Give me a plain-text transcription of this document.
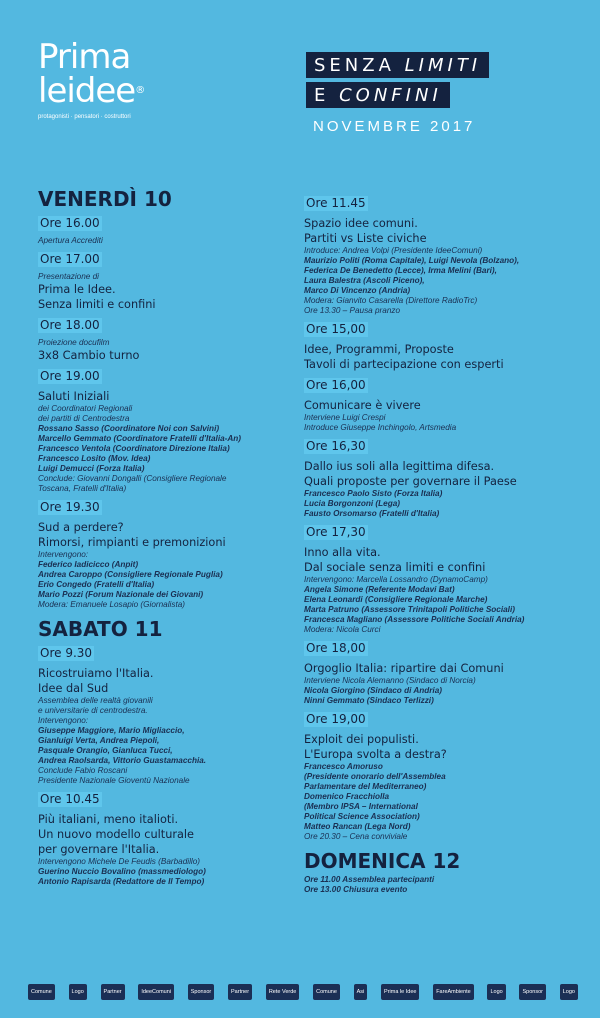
Prima
leidee®
protagonisti · pensatori · costruttori
SENZA LIMITI
E CONFINI
NOVEMBRE 2017
VENERDÌ 10
Ore 16.00
Apertura Accrediti
Ore 17.00
Presentazione di
Prima le Idee.
Senza limiti e confini
Ore 18.00
Proiezione docufilm
3x8 Cambio turno
Ore 19.00
Saluti Iniziali
dei Coordinatori Regionali
dei partiti di Centrodestra
Rossano Sasso (Coordinatore Noi con Salvini)
Marcello Gemmato (Coordinatore Fratelli d'Italia-An)
Francesco Ventola (Coordinatore Direzione Italia)
Francesco Losito (Mov. Idea)
Luigi Demucci (Forza Italia)
Conclude: Giovanni Dongalli (Consigliere Regionale
Toscana, Fratelli d'Italia)
Ore 19.30
Sud a perdere?
Rimorsi, rimpianti e premonizioni
Intervengono:
Federico Iadicicco (Anpit)
Andrea Caroppo (Consigliere Regionale Puglia)
Erio Congedo (Fratelli d'Italia)
Mario Pozzi (Forum Nazionale dei Giovani)
Modera: Emanuele Losapio (Giornalista)
SABATO 11
Ore 9.30
Ricostruiamo l'Italia.
Idee dal Sud
Assemblea delle realtà giovanili
e universitarie di centrodestra.
Intervengono:
Giuseppe Maggiore, Mario Migliaccio,
Gianluigi Verta, Andrea Piepoli,
Pasquale Orangio, Gianluca Tucci,
Andrea Raolsarda, Vittorio Guastamacchia.
Conclude Fabio Roscani
Presidente Nazionale Gioventù Nazionale
Ore 10.45
Più italiani, meno italioti.
Un nuovo modello culturale
per governare l'Italia.
Intervengono Michele De Feudis (Barbadillo)
Guerino Nuccio Bovalino (massmediologo)
Antonio Rapisarda (Redattore de Il Tempo)
Ore 11.45
Spazio idee comuni.
Partiti vs Liste civiche
Introduce: Andrea Volpi (Presidente IdeeComuni)
Maurizio Politi (Roma Capitale), Luigi Nevola (Bolzano),
Federica De Benedetto (Lecce), Irma Melini (Bari),
Laura Balestra (Ascoli Piceno),
Marco Di Vincenzo (Andria)
Modera: Gianvito Casarella (Direttore RadioTrc)
Ore 13.30 – Pausa pranzo
Ore 15,00
Idee, Programmi, Proposte
Tavoli di partecipazione con esperti
Ore 16,00
Comunicare è vivere
Interviene Luigi Crespi
Introduce Giuseppe Inchingolo, Artsmedia
Ore 16,30
Dallo ius soli alla legittima difesa.
Quali proposte per governare il Paese
Francesco Paolo Sisto (Forza Italia)
Lucia Borgonzoni (Lega)
Fausto Orsomarso (Fratelli d'Italia)
Ore 17,30
Inno alla vita.
Dal sociale senza limiti e confini
Intervengono: Marcella Lossandro (DynamoCamp)
Angela Simone (Referente Modavi Bat)
Elena Leonardi (Consigliere Regionale Marche)
Marta Patruno (Assessore Trinitapoli Politiche Sociali)
Francesca Magliano (Assessore Politiche Sociali Andria)
Modera: Nicola Curci
Ore 18,00
Orgoglio Italia: ripartire dai Comuni
Interviene Nicola Alemanno (Sindaco di Norcia)
Nicola Giorgino (Sindaco di Andria)
Ninni Gemmato (Sindaco Terlizzi)
Ore 19,00
Exploit dei populisti.
L'Europa svolta a destra?
Francesco Amoruso
(Presidente onorario dell'Assemblea
Parlamentare del Mediterraneo)
Domenico Fracchiolla
(Membro IPSA – International
Political Science Association)
Matteo Rancan (Lega Nord)
Ore 20.30 – Cena conviviale
DOMENICA 12
Ore 11.00 Assemblea partecipanti
Ore 13.00 Chiusura evento
Comune	Logo	Partner	IdeeComuni	Sponsor	Partner	Rete Verde	Comune	Asi	Prima le Idee	FareAmbiente	Logo	Sponsor	Logo
